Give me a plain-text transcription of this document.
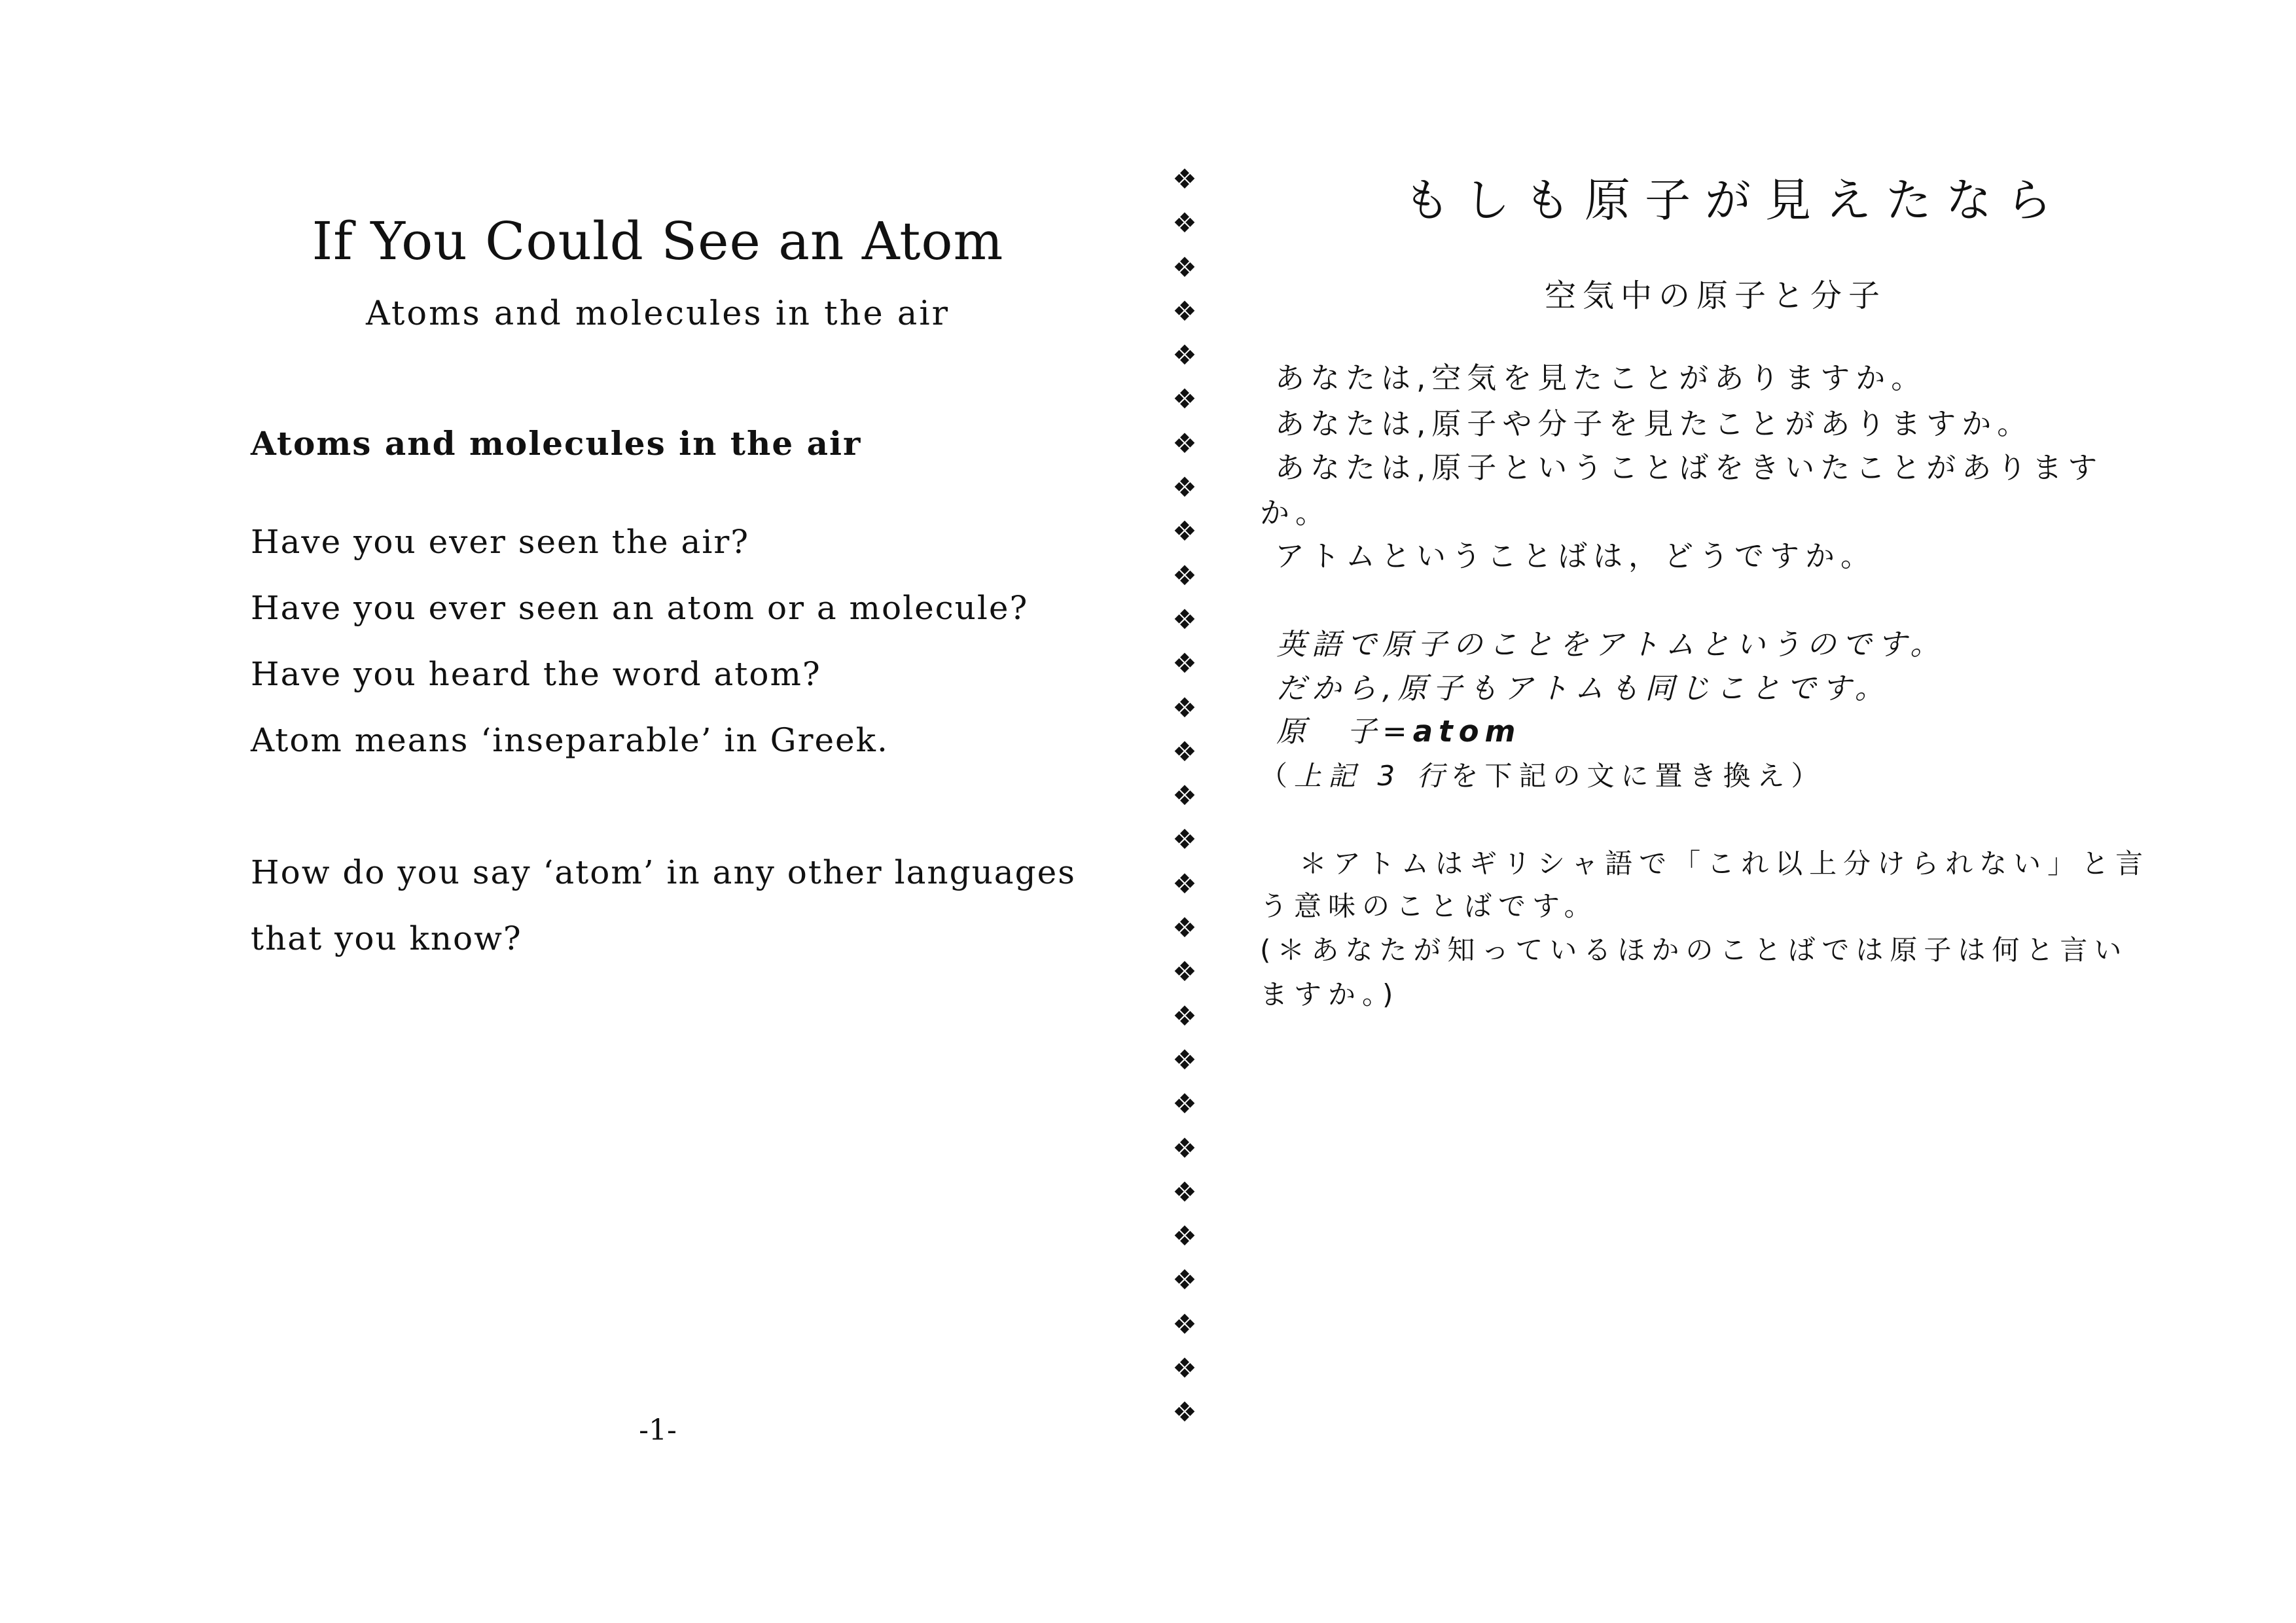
If You Could See an Atom
Atoms and molecules in the air
Atoms and molecules in the air
Have you ever seen the air?
Have you ever seen an atom or a molecule?
Have you heard the word atom?
Atom means ‘inseparable’ in Greek.
How do you say ‘atom’ in any other languages
that you know?
-1-
❖
❖
❖
❖
❖
❖
❖
❖
❖
❖
❖
❖
❖
❖
❖
❖
❖
❖
❖
❖
❖
❖
❖
❖
❖
❖
❖
❖
❖
もしも原子が見えたなら
空気中の原子と分子
あなたは,空気を見たことがありますか。
あなたは,原子や分子を見たことがありますか。
あなたは,原子ということばをきいたことがあります
か。
アトムということばは，どうですか。
英語で原子のことをアトムというのです。
だから,原子もアトムも同じことです。
原　子=atom
（上記 3 行を下記の文に置き換え）
＊アトムはギリシャ語で「これ以上分けられない」と言
う意味のことばです。
(＊あなたが知っているほかのことばでは原子は何と言い
ますか。)
